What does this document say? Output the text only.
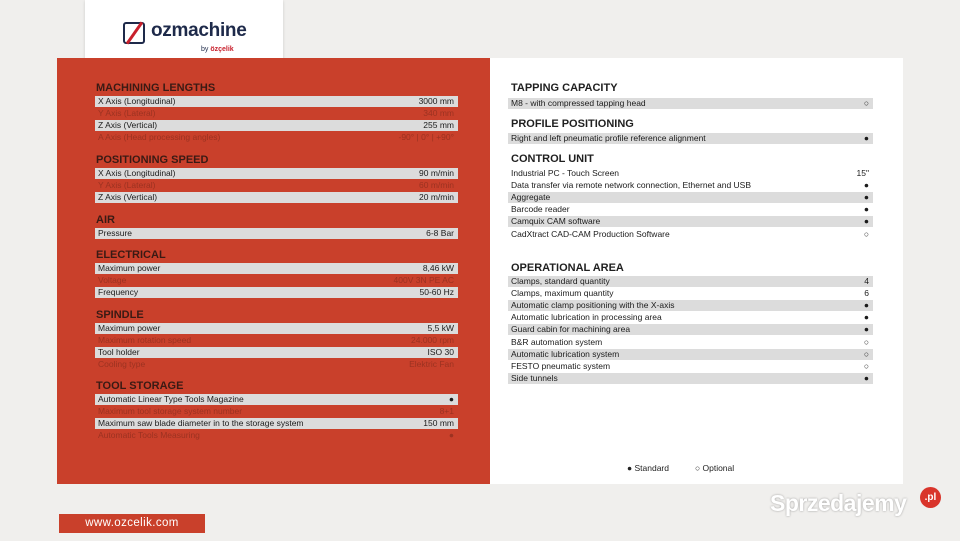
ozmachine
by özçelik
MACHINING LENGTHS
X Axis (Longitudinal)	3000 mm
Y Axis (Lateral)	340 mm
Z Axis (Vertical)	255 mm
A Axis (Head processing angles)	-90° | 0° | +90°
POSITIONING SPEED
X Axis (Longitudinal)	90 m/min
Y Axis (Lateral)	60 m/min
Z Axis (Vertical)	20 m/min
AIR
Pressure	6-8 Bar
ELECTRICAL
Maximum power	8,46 kW
Voltage	400V 3N PE AC
Frequency	50-60 Hz
SPINDLE
Maximum power	5,5 kW
Maximum rotation speed	24.000 rpm
Tool holder	ISO 30
Cooling type	Elektric Fan
TOOL STORAGE
Automatic Linear Type Tools Magazine	●
Maximum tool storage system number	8+1
Maximum saw blade diameter in to the storage system	150 mm
Automatic Tools Measuring	●
● Standard	○ Optional
TAPPING CAPACITY
M8 - with compressed tapping head	○
PROFILE POSITIONING
Right and left pneumatic profile reference alignment	●
CONTROL UNIT
Industrial PC - Touch Screen	15"
Data transfer via remote network connection, Ethernet and USB	●
Aggregate	●
Barcode reader	●
Camquix CAM software	●
CadXtract CAD-CAM Production Software	○
OPERATIONAL AREA
Clamps, standard quantity	4
Clamps, maximum quantity	6
Automatic clamp positioning with the X-axis	●
Automatic lubrication in processing area	●
Guard cabin for machining area	●
B&R automation system	○
Automatic lubrication system	○
FESTO pneumatic system	○
Side tunnels	●
www.ozcelik.com
Sprzedajemy	.pl
